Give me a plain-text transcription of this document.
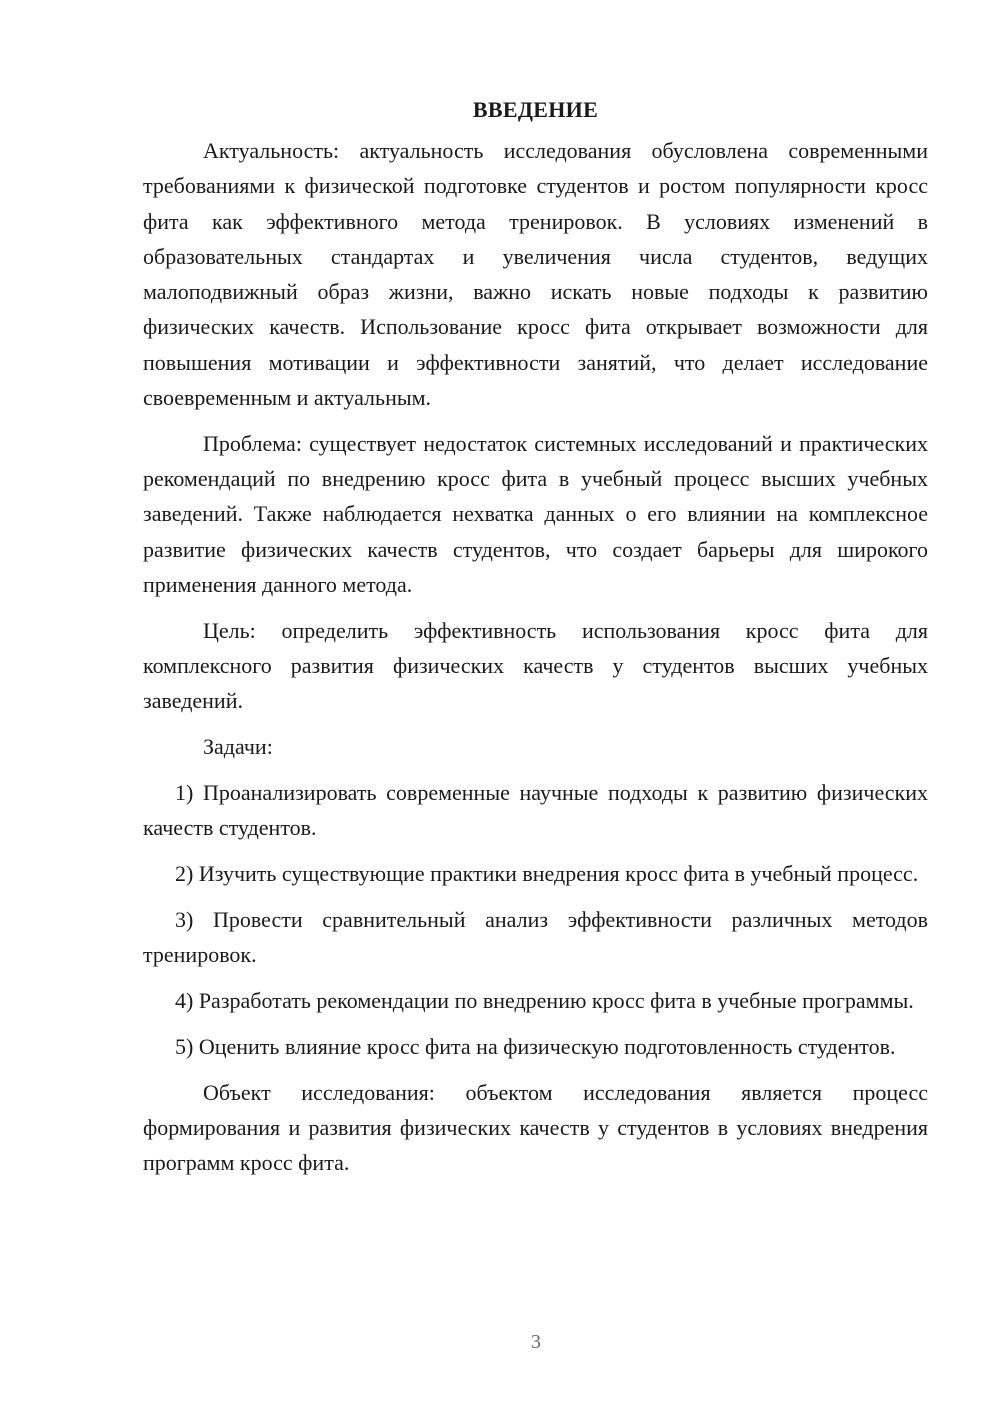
ВВЕДЕНИЕ

Актуальность: актуальность исследования обусловлена современными требованиями к физической подготовке студентов и ростом популярности кросс фита как эффективного метода тренировок. В условиях изменений в образовательных стандартах и увеличения числа студентов, ведущих малоподвижный образ жизни, важно искать новые подходы к развитию физических качеств. Использование кросс фита открывает возможности для повышения мотивации и эффективности занятий, что делает исследование своевременным и актуальным.

Проблема: существует недостаток системных исследований и практических рекомендаций по внедрению кросс фита в учебный процесс высших учебных заведений. Также наблюдается нехватка данных о его влиянии на комплексное развитие физических качеств студентов, что создает барьеры для широкого применения данного метода.

Цель: определить эффективность использования кросс фита для комплексного развития физических качеств у студентов высших учебных заведений.

Задачи:

1) Проанализировать современные научные подходы к развитию физических качеств студентов.

2) Изучить существующие практики внедрения кросс фита в учебный процесс.

3) Провести сравнительный анализ эффективности различных методов тренировок.

4) Разработать рекомендации по внедрению кросс фита в учебные программы.

5) Оценить влияние кросс фита на физическую подготовленность студентов.

Объект исследования: объектом исследования является процесс формирования и развития физических качеств у студентов в условиях внедрения программ кросс фита.

3
